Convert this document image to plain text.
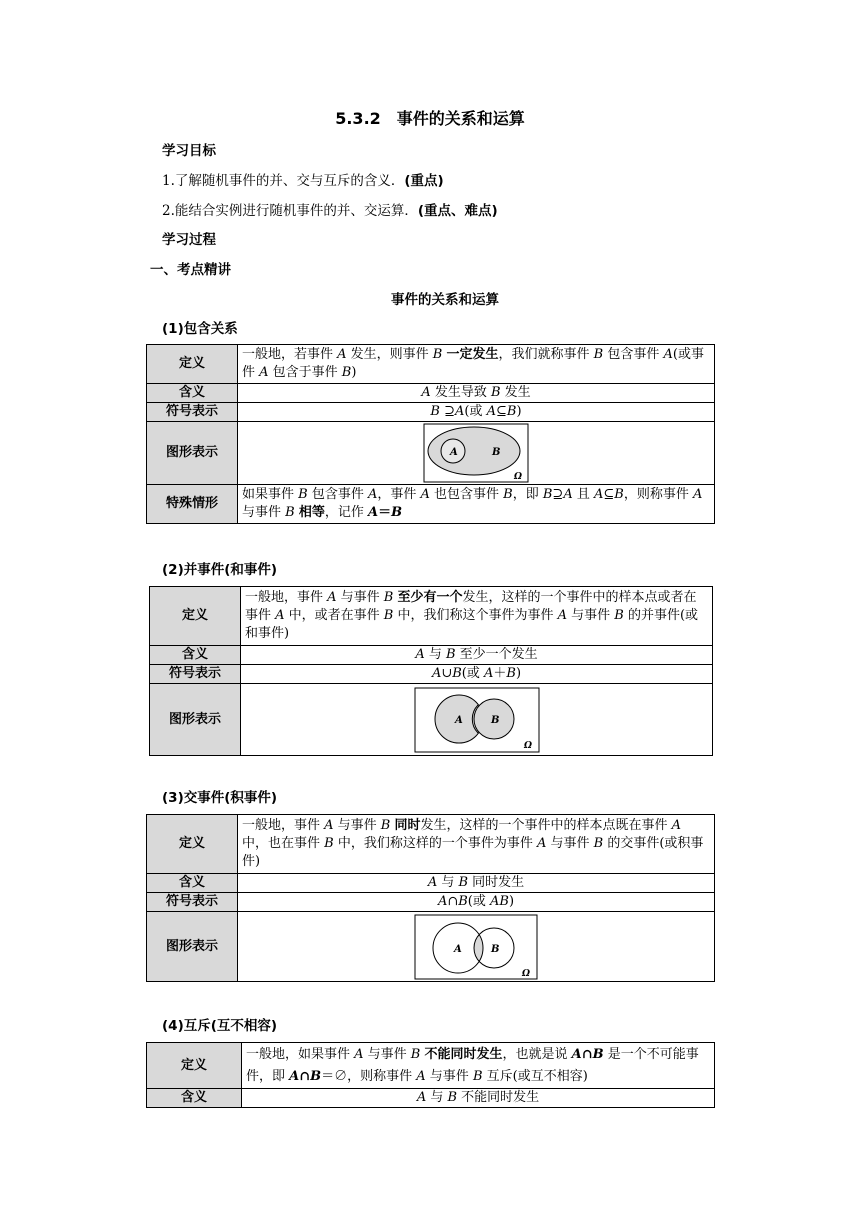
5.3.2　事件的关系和运算
学习目标
1.了解随机事件的并、交与互斥的含义．(重点)
2.能结合实例进行随机事件的并、交运算．(重点、难点)
学习过程
一、考点精讲
事件的关系和运算
(1)包含关系
定义	一般地，若事件 A 发生，则事件 B 一定发生，我们就称事件 B 包含事件 A(或事件 A 包含于事件 B)
含义	A 发生导致 B 发生
符号表示	B ⊇A(或 A⊆B)
图形表示	A B
Ω

特殊情形	如果事件 B 包含事件 A，事件 A 也包含事件 B，即 B⊇A 且 A⊆B，则称事件 A 与事件 B 相等，记作 A＝B
(2)并事件(和事件)
定义	一般地，事件 A 与事件 B 至少有一个发生，这样的一个事件中的样本点或者在事件 A 中，或者在事件 B 中，我们称这个事件为事件 A 与事件 B 的并事件(或和事件)
含义	A 与 B 至少一个发生
符号表示	A∪B(或 A＋B)
图形表示	A B
Ω
(3)交事件(积事件)
定义	一般地，事件 A 与事件 B 同时发生，这样的一个事件中的样本点既在事件 A 中，也在事件 B 中，我们称这样的一个事件为事件 A 与事件 B 的交事件(或积事件)
含义	A 与 B 同时发生
符号表示	A∩B(或 AB)
图形表示	A B
Ω
(4)互斥(互不相容)
定义	一般地，如果事件 A 与事件 B 不能同时发生，也就是说 A∩B 是一个不可能事件，即 A∩B＝∅，则称事件 A 与事件 B 互斥(或互不相容)
含义	A 与 B 不能同时发生
